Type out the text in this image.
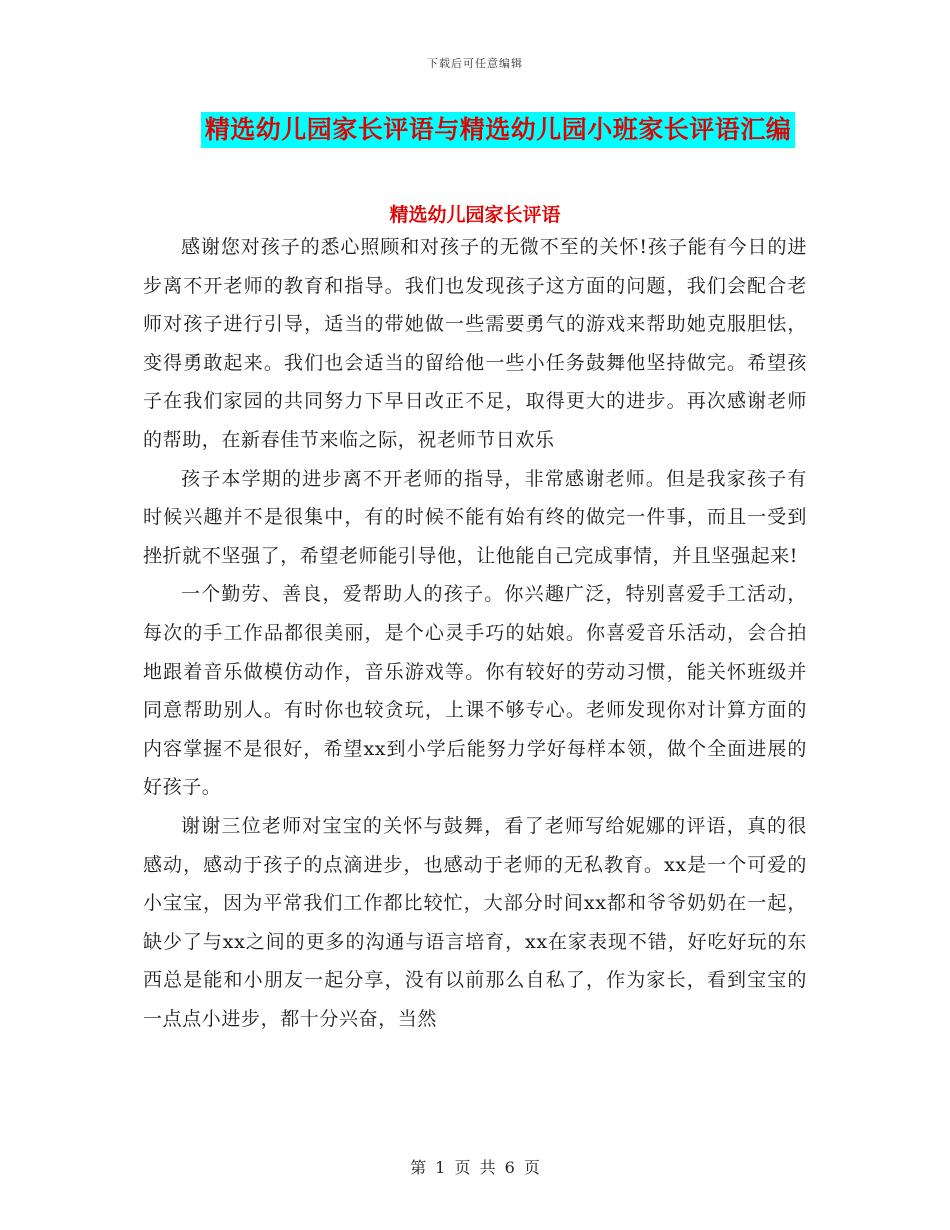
下载后可任意编辑
精选幼儿园家长评语与精选幼儿园小班家长评语汇编
精选幼儿园家长评语

感谢您对孩子的悉心照顾和对孩子的无微不至的关怀!孩子能有今日的进步离不开老师的教育和指导。我们也发现孩子这方面的问题，我们会配合老师对孩子进行引导，适当的带她做一些需要勇气的游戏来帮助她克服胆怯，变得勇敢起来。我们也会适当的留给他一些小任务鼓舞他坚持做完。希望孩子在我们家园的共同努力下早日改正不足，取得更大的进步。再次感谢老师的帮助，在新春佳节来临之际，祝老师节日欢乐

孩子本学期的进步离不开老师的指导，非常感谢老师。但是我家孩子有时候兴趣并不是很集中，有的时候不能有始有终的做完一件事，而且一受到挫折就不坚强了，希望老师能引导他，让他能自己完成事情，并且坚强起来!

一个勤劳、善良，爱帮助人的孩子。你兴趣广泛，特别喜爱手工活动，每次的手工作品都很美丽，是个心灵手巧的姑娘。你喜爱音乐活动，会合拍地跟着音乐做模仿动作，音乐游戏等。你有较好的劳动习惯，能关怀班级并同意帮助别人。有时你也较贪玩，上课不够专心。老师发现你对计算方面的内容掌握不是很好，希望xx到小学后能努力学好每样本领，做个全面进展的好孩子。

谢谢三位老师对宝宝的关怀与鼓舞，看了老师写给妮娜的评语，真的很感动，感动于孩子的点滴进步，也感动于老师的无私教育。xx是一个可爱的小宝宝，因为平常我们工作都比较忙，大部分时间xx都和爷爷奶奶在一起，缺少了与xx之间的更多的沟通与语言培育，xx在家表现不错，好吃好玩的东西总是能和小朋友一起分享，没有以前那么自私了，作为家长，看到宝宝的一点点小进步，都十分兴奋，当然

第 1 页 共 6 页
